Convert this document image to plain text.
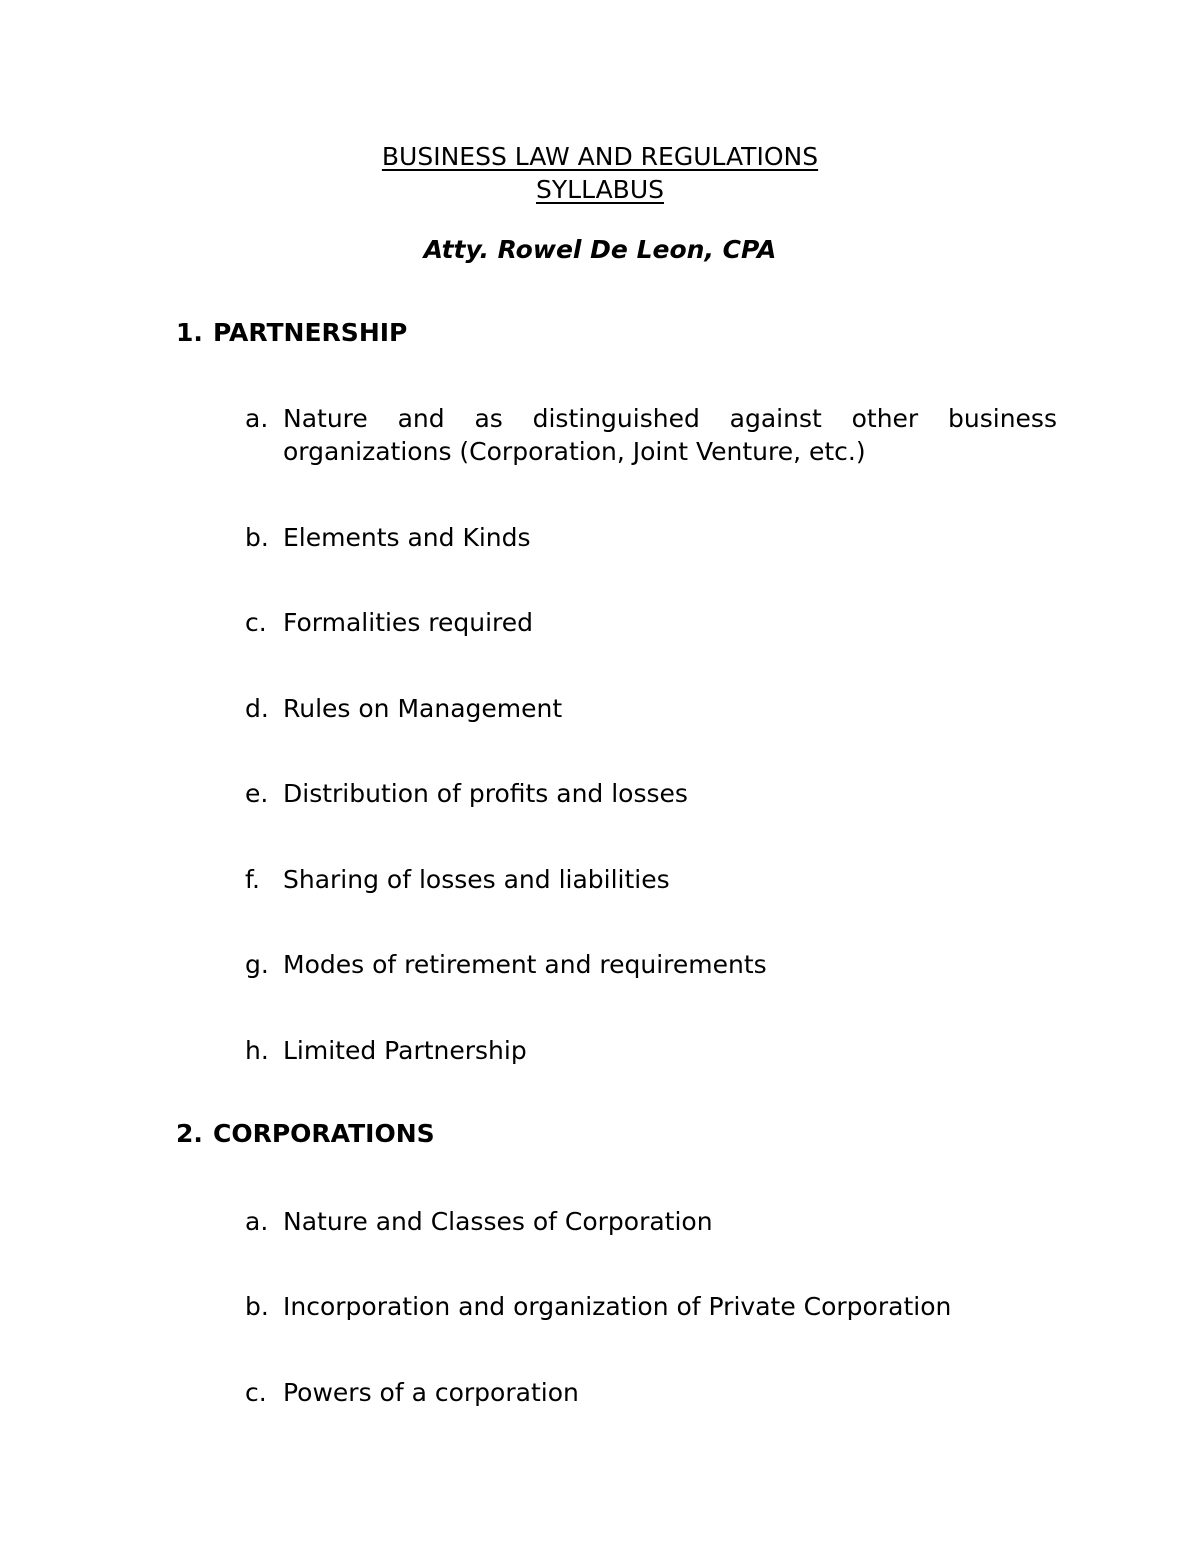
BUSINESS LAW AND REGULATIONS
SYLLABUS
Atty. Rowel De Leon, CPA
1. PARTNERSHIP
a. Nature and as distinguished against other business organizations (Corporation, Joint Venture, etc.)
b. Elements and Kinds
c. Formalities required
d. Rules on Management
e. Distribution of profits and losses
f. Sharing of losses and liabilities
g. Modes of retirement and requirements
h. Limited Partnership
2. CORPORATIONS
a. Nature and Classes of Corporation
b. Incorporation and organization of Private Corporation
c. Powers of a corporation
